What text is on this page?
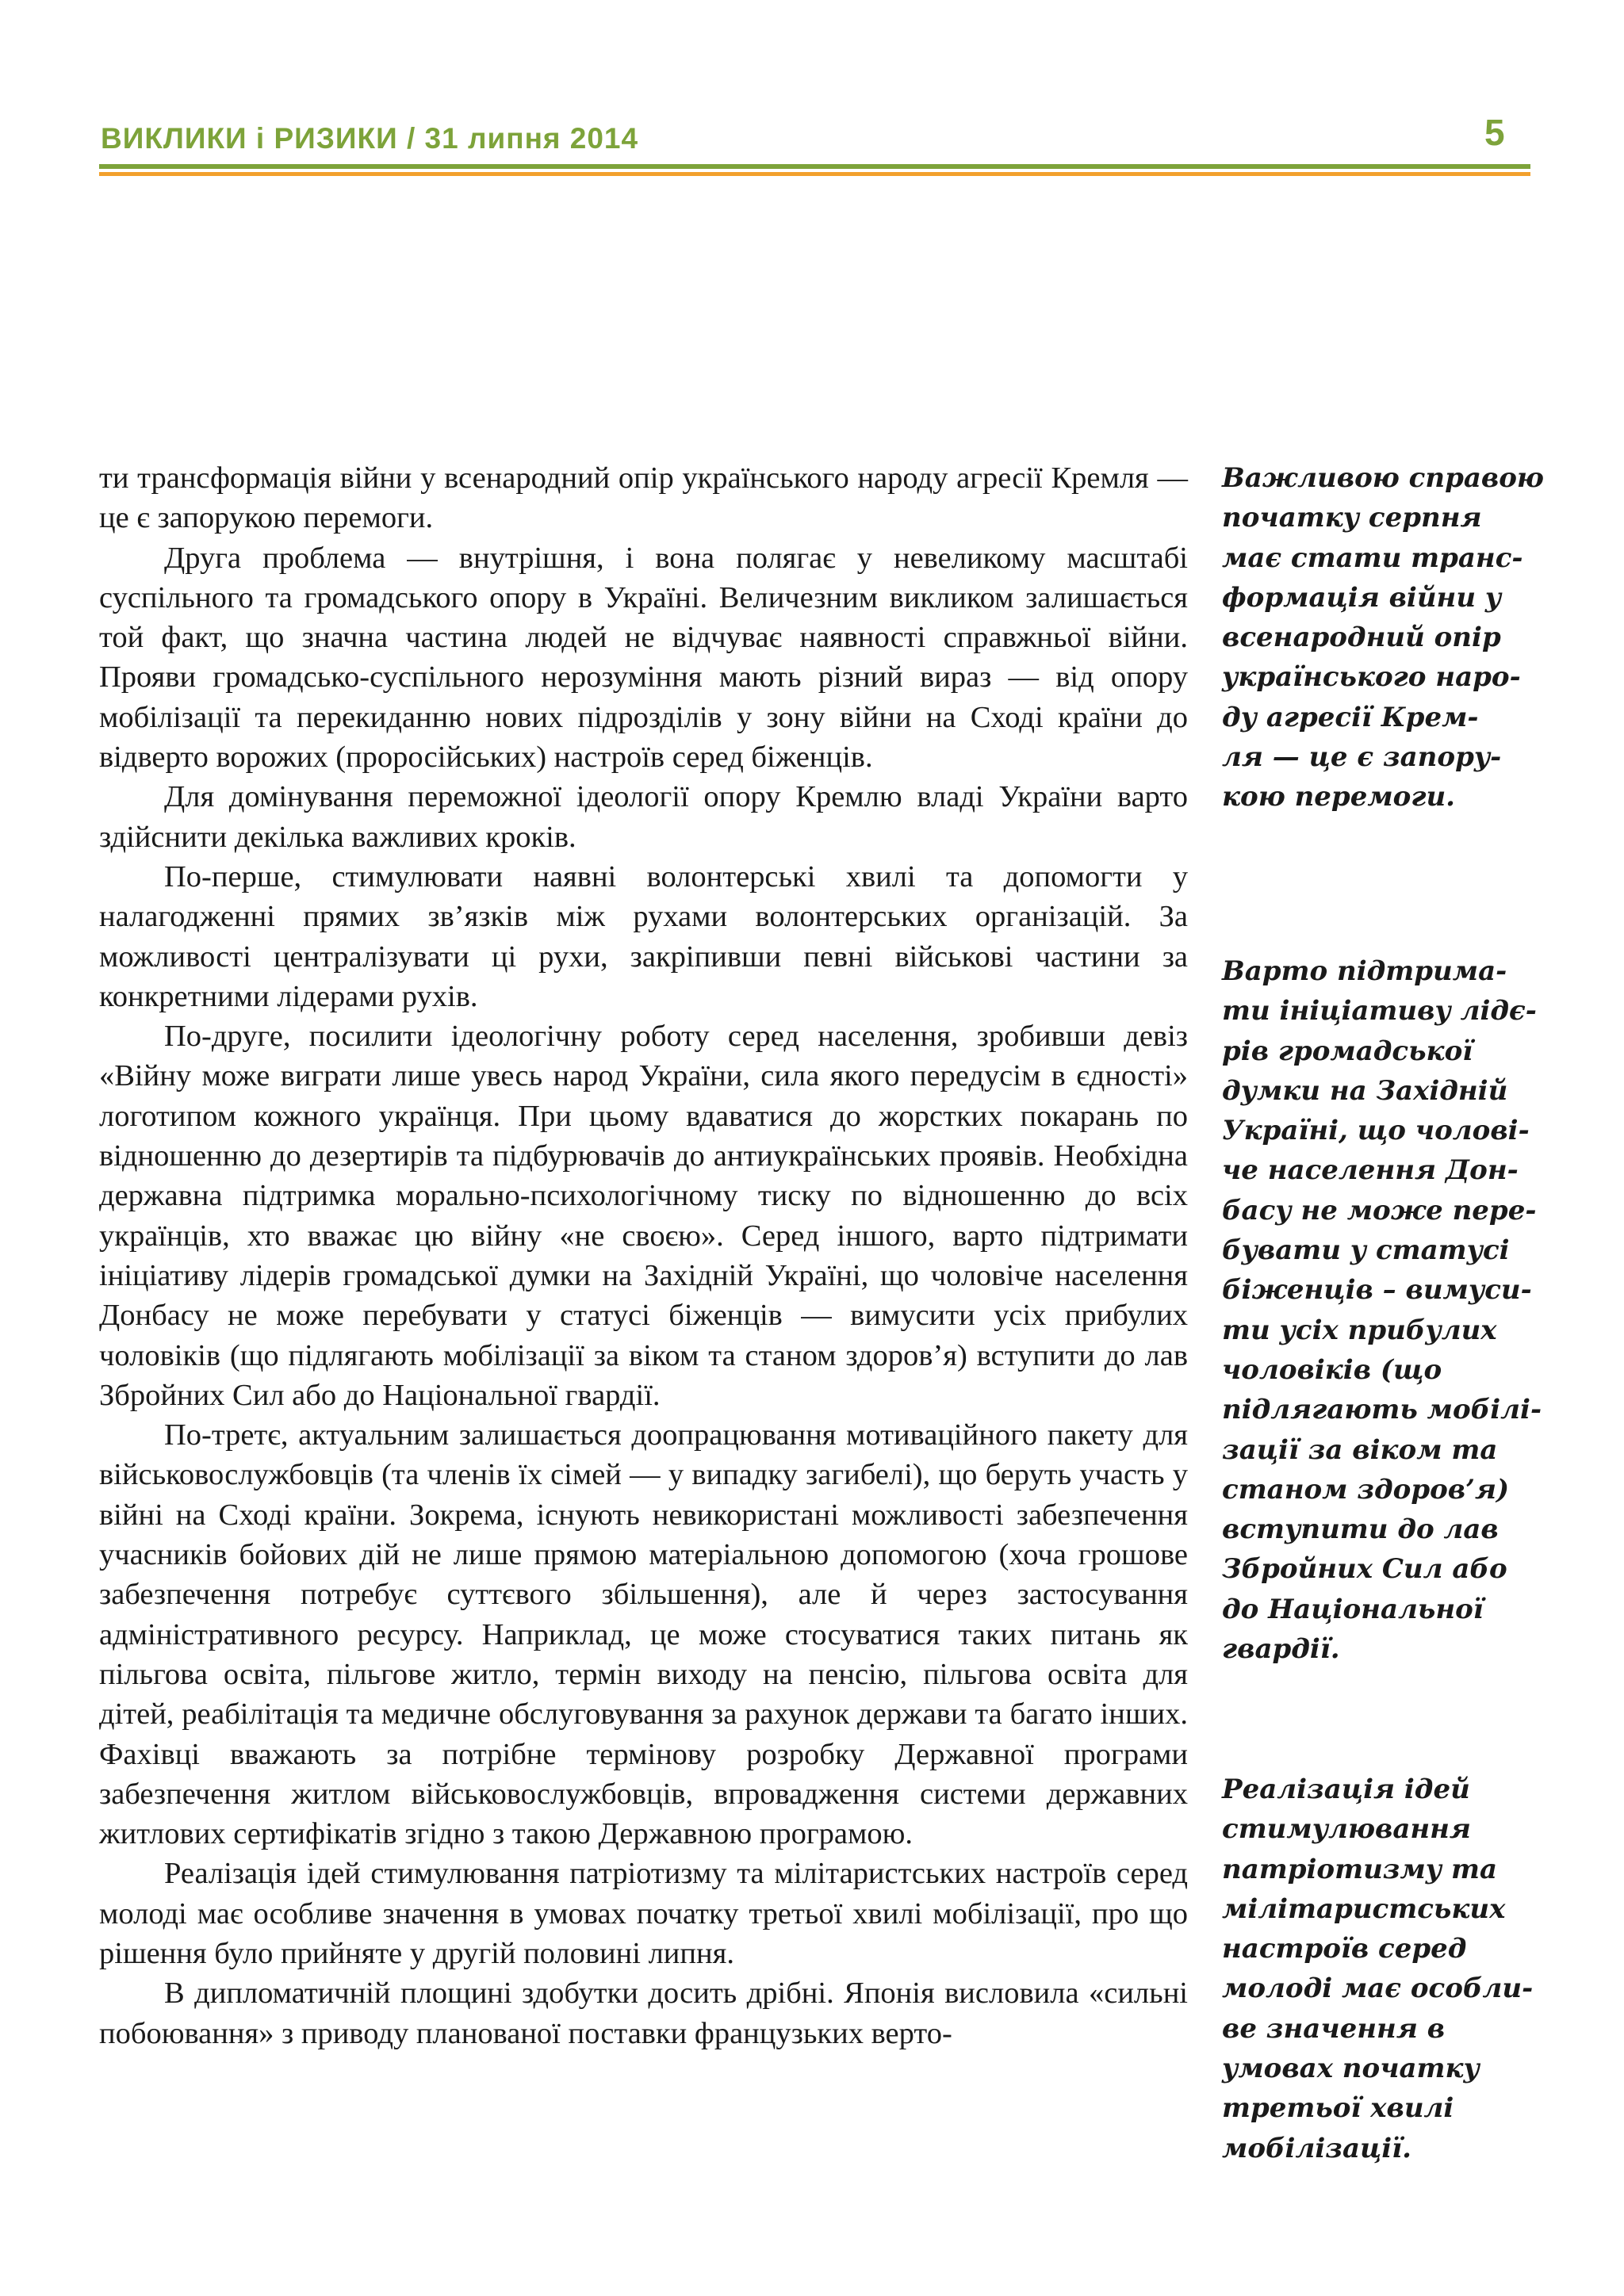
ВИКЛИКИ і РИЗИКИ / 31 липня 2014	5

ти трансформація війни у всенародний опір українського народу агресії Кремля — це є запорукою перемоги.

Друга проблема — внутрішня, і вона полягає у невеликому масштабі суспільного та громадського опору в Україні. Величезним викликом залишається той факт, що значна частина людей не відчуває наявності справжньої війни. Прояви громадсько-суспільного нерозуміння мають різний вираз — від опору мобілізації та перекиданню нових підрозділів у зону війни на Сході країни до відверто ворожих (проросійських) настроїв серед біженців.

Для домінування переможної ідеології опору Кремлю владі України варто здійснити декілька важливих кроків.

По-перше, стимулювати наявні волонтерські хвилі та допомогти у налагодженні прямих зв’язків між рухами волонтерських організацій. За можливості централізувати ці рухи, закріпивши певні військові частини за конкретними лідерами рухів.

По-друге, посилити ідеологічну роботу серед населення, зробивши девіз «Війну може виграти лише увесь народ України, сила якого передусім в єдності» логотипом кожного українця. При цьому вдаватися до жорстких покарань по відношенню до дезертирів та підбурювачів до антиукраїнських проявів. Необхідна державна підтримка морально-психологічному тиску по відношенню до всіх українців, хто вважає цю війну «не своєю». Серед іншого, варто підтримати ініціативу лідерів громадської думки на Західній Україні, що чоловіче населення Донбасу не може перебувати у статусі біженців — вимусити усіх прибулих чоловіків (що підлягають мобілізації за віком та станом здоров’я) вступити до лав Збройних Сил або до Національної гвардії.

По-третє, актуальним залишається доопрацювання мотиваційного пакету для військовослужбовців (та членів їх сімей — у випадку загибелі), що беруть участь у війні на Сході країни. Зокрема, існують невикористані можливості забезпечення учасників бойових дій не лише прямою матеріальною допомогою (хоча грошове забезпечення потребує суттєвого збільшення), але й через застосування адміністративного ресурсу. Наприклад, це може стосуватися таких питань як пільгова освіта, пільгове житло, термін виходу на пенсію, пільгова освіта для дітей, реабілітація та медичне обслуговування за рахунок держави та багато інших. Фахівці вважають за потрібне термінову розробку Державної програми забезпечення житлом військовослужбовців, впровадження системи державних житлових сертифікатів згідно з такою Державною програмою.

Реалізація ідей стимулювання патріотизму та мілітаристських настроїв серед молоді має особливе значення в умовах початку третьої хвилі мобілізації, про що рішення було прийняте у другій половині липня.

В дипломатичній площині здобутки досить дрібні. Японія висловила «сильні побоювання» з приводу планованої поставки французьких верто-

Важливою справою
початку серпня
має стати транс-
формація війни у
всенародний опір
українського наро-
ду агресії Крем-
ля — це є запору-
кою перемоги.
Варто підтрима-
ти ініціативу лідє-
рів громадської
думки на Західній
Україні, що чолові-
че населення Дон-
басу не може пере-
бувати у статусі
біженців – вимуси-
ти усіх прибулих
чоловіків (що
підлягають мобілі-
зації за віком та
станом здоров’я)
вступити до лав
Збройних Сил або
до Національної
гвардії.
Реалізація ідей
стимулювання
патріотизму та
мілітаристських
настроїв серед
молоді має особли-
ве значення в
умовах початку
третьої хвилі
мобілізації.
